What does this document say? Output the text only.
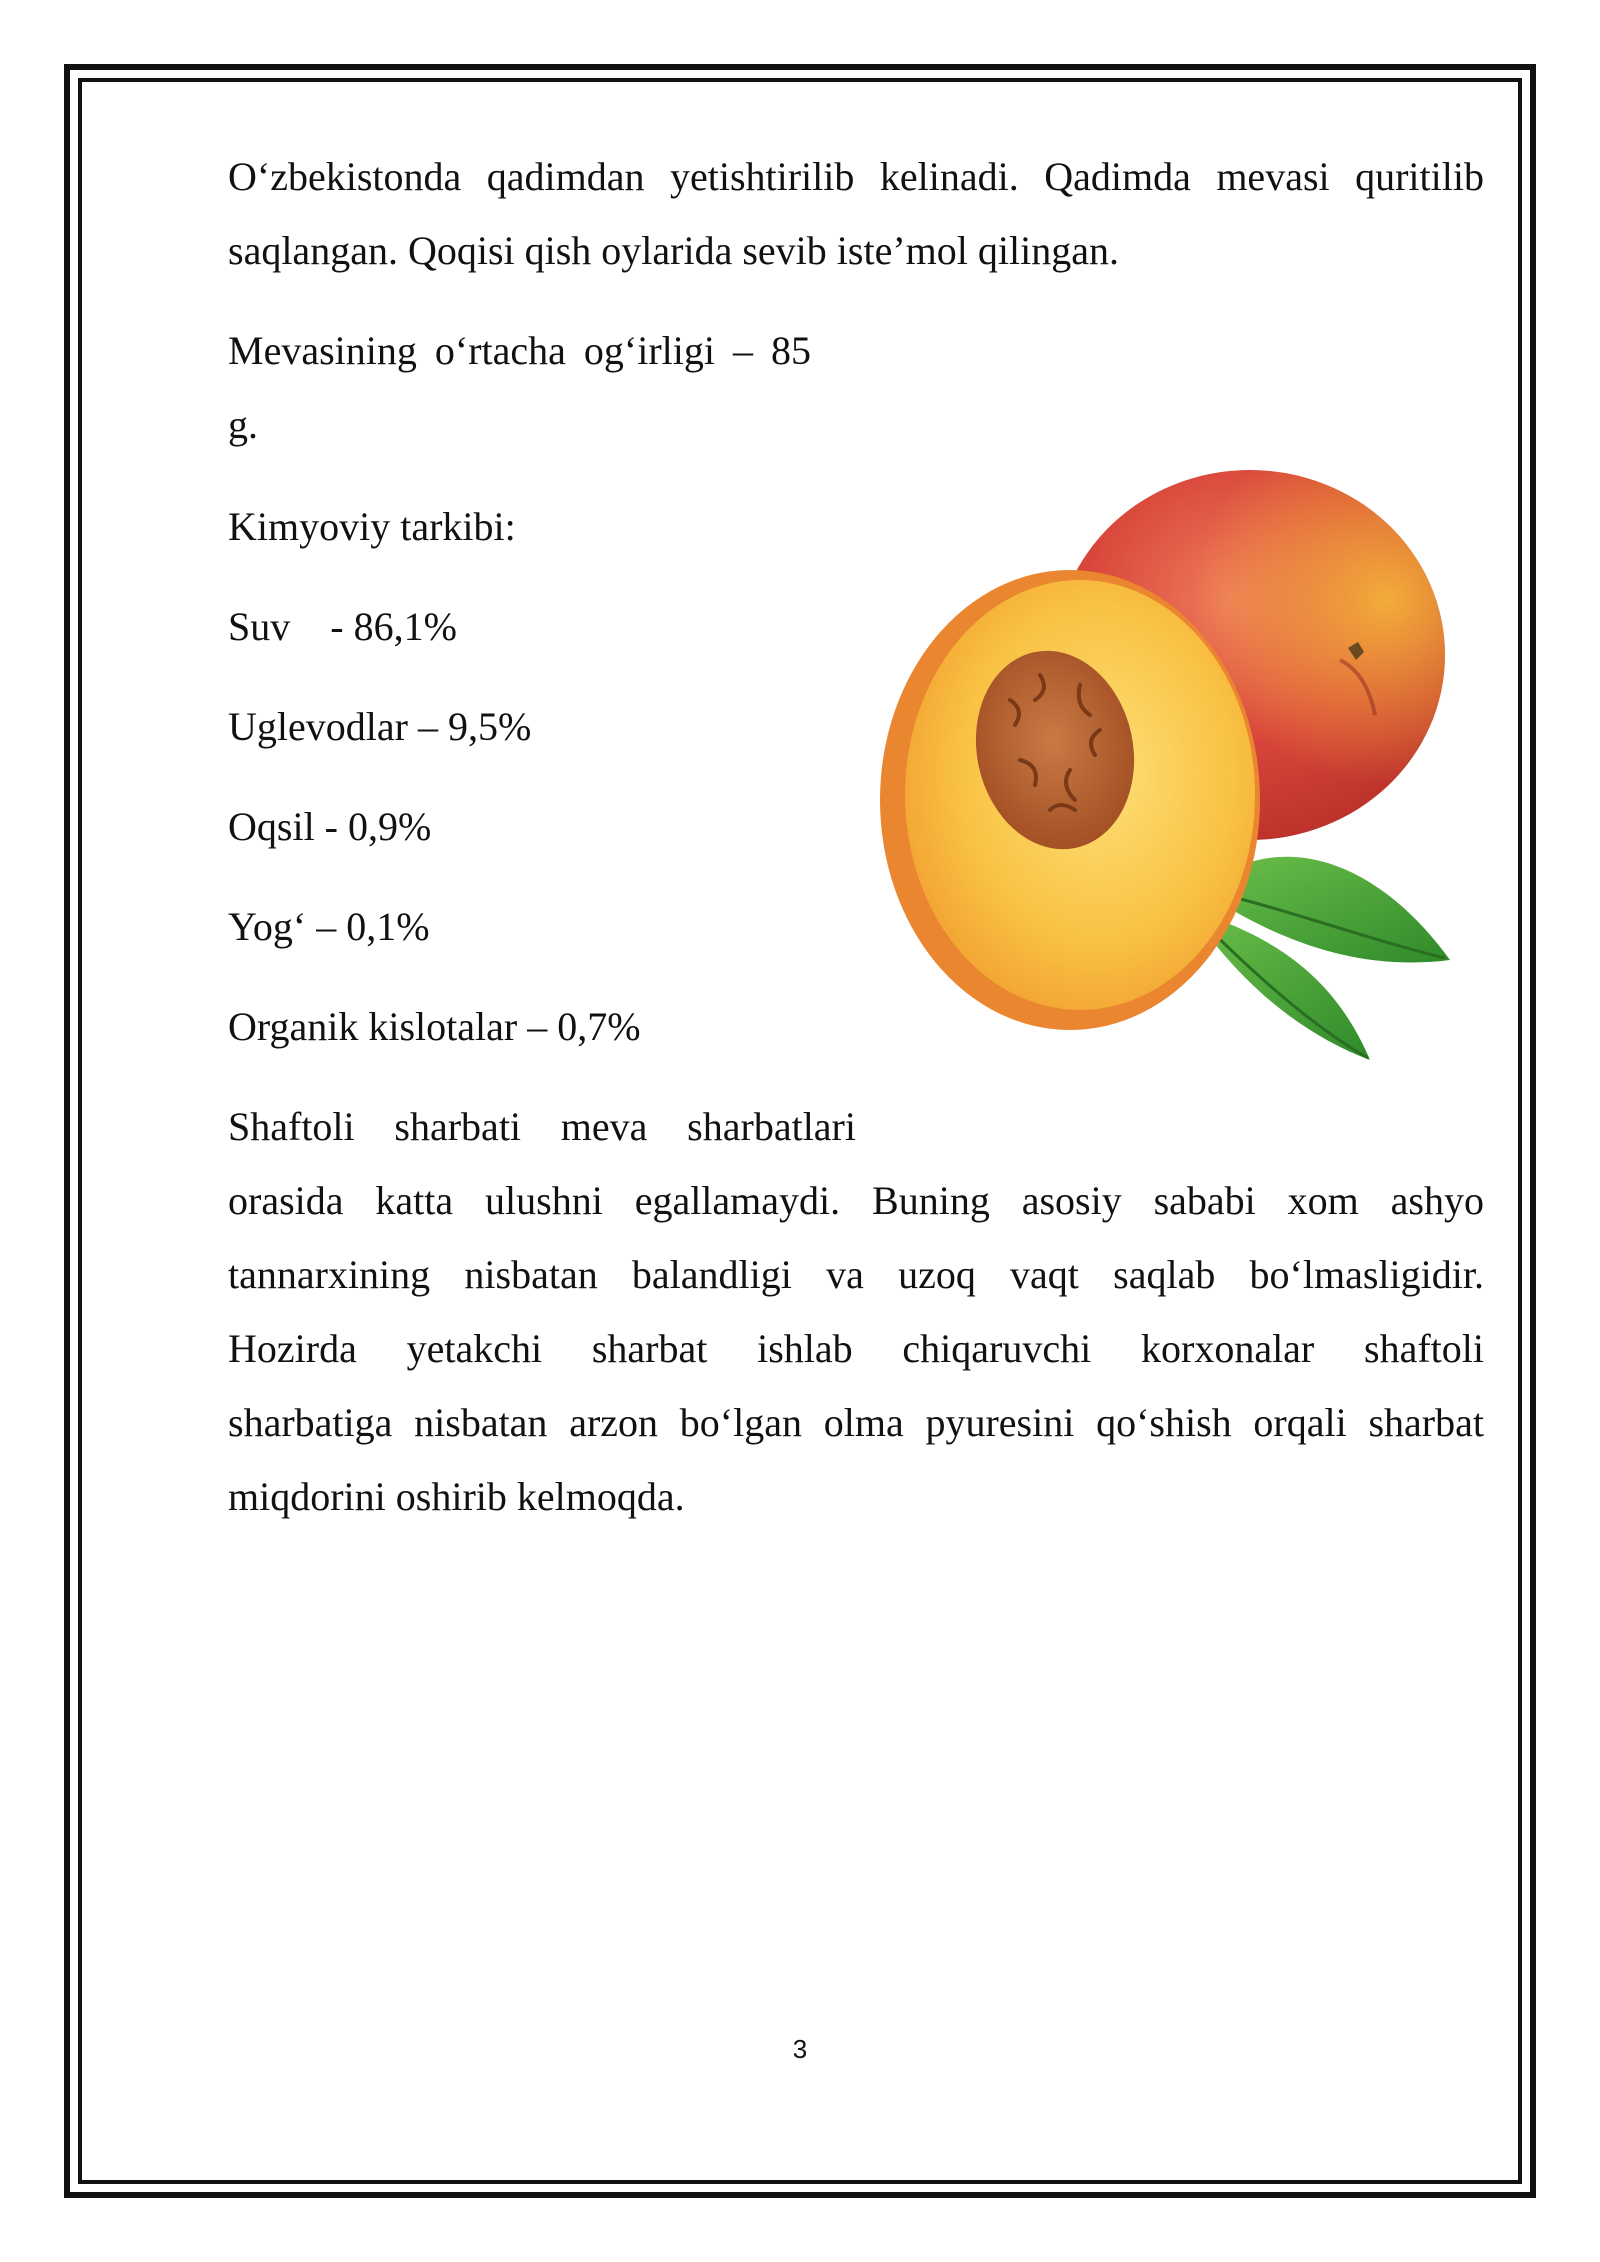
O‘zbekistonda qadimdan yetishtirilib kelinadi. Qadimda mevasi quritilib

saqlangan. Qoqisi qish oylarida sevib iste’mol qilingan.

Mevasining o‘rtacha og‘irligi – 85

g.

Kimyoviy tarkibi:

Suv    - 86,1%

Uglevodlar – 9,5%

Oqsil - 0,9%

Yog‘ – 0,1%

Organik kislotalar – 0,7%

Shaftoli sharbati meva sharbatlari

orasida katta ulushni egallamaydi. Buning asosiy sababi xom ashyo

tannarxining nisbatan balandligi va uzoq vaqt saqlab bo‘lmasligidir.

Hozirda yetakchi sharbat ishlab chiqaruvchi korxonalar shaftoli

sharbatiga nisbatan arzon bo‘lgan olma pyuresini qo‘shish orqali sharbat

miqdorini oshirib kelmoqda.

3
